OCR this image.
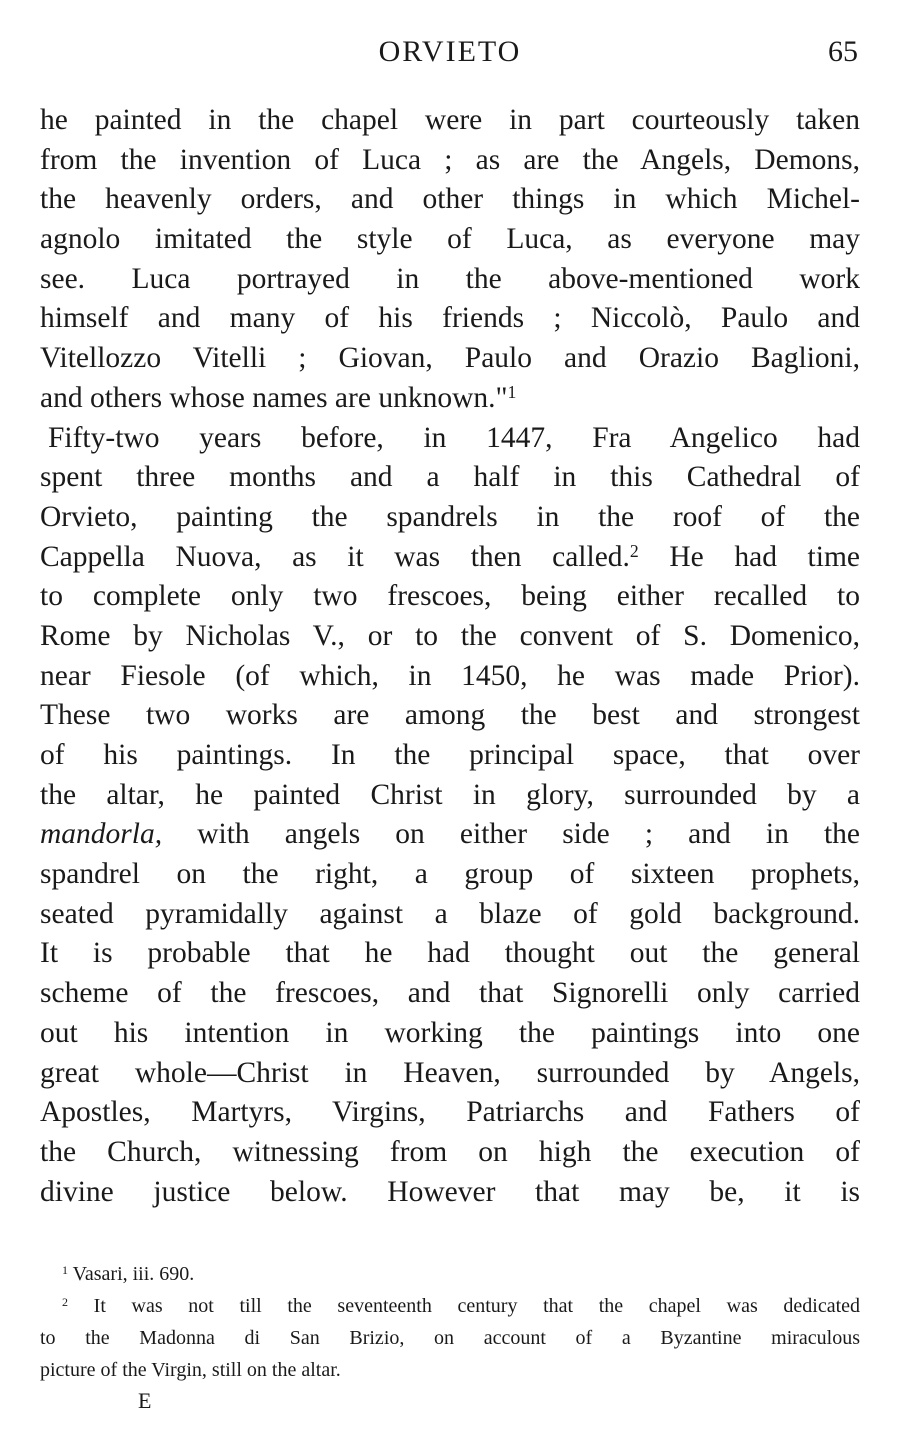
ORVIETO	65
he painted in the chapel were in part courteously taken
from the invention of Luca ; as are the Angels, Demons,
the heavenly orders, and other things in which Michel-
agnolo imitated the style of Luca, as everyone may
see. Luca portrayed in the above-mentioned work
himself and many of his friends ; Niccolò, Paulo and
Vitellozzo Vitelli ; Giovan, Paulo and Orazio Baglioni,
and others whose names are unknown."$^1$
Fifty-two years before, in 1447, Fra Angelico had
spent three months and a half in this Cathedral of
Orvieto, painting the spandrels in the roof of the
Cappella Nuova, as it was then called.$^2$ He had time
to complete only two frescoes, being either recalled to
Rome by Nicholas V., or to the convent of S. Domenico,
near Fiesole (of which, in 1450, he was made Prior).
These two works are among the best and strongest
of his paintings. In the principal space, that over
the altar, he painted Christ in glory, surrounded by a
mandorla, with angels on either side ; and in the
spandrel on the right, a group of sixteen prophets,
seated pyramidally against a blaze of gold background.
It is probable that he had thought out the general
scheme of the frescoes, and that Signorelli only carried
out his intention in working the paintings into one
great whole—Christ in Heaven, surrounded by Angels,
Apostles, Martyrs, Virgins, Patriarchs and Fathers of
the Church, witnessing from on high the execution of
divine justice below. However that may be, it is
$^1$ Vasari, iii. 690.
$^2$ It was not till the seventeenth century that the chapel was dedicated
to the Madonna di San Brizio, on account of a Byzantine miraculous
picture of the Virgin, still on the altar.
E
